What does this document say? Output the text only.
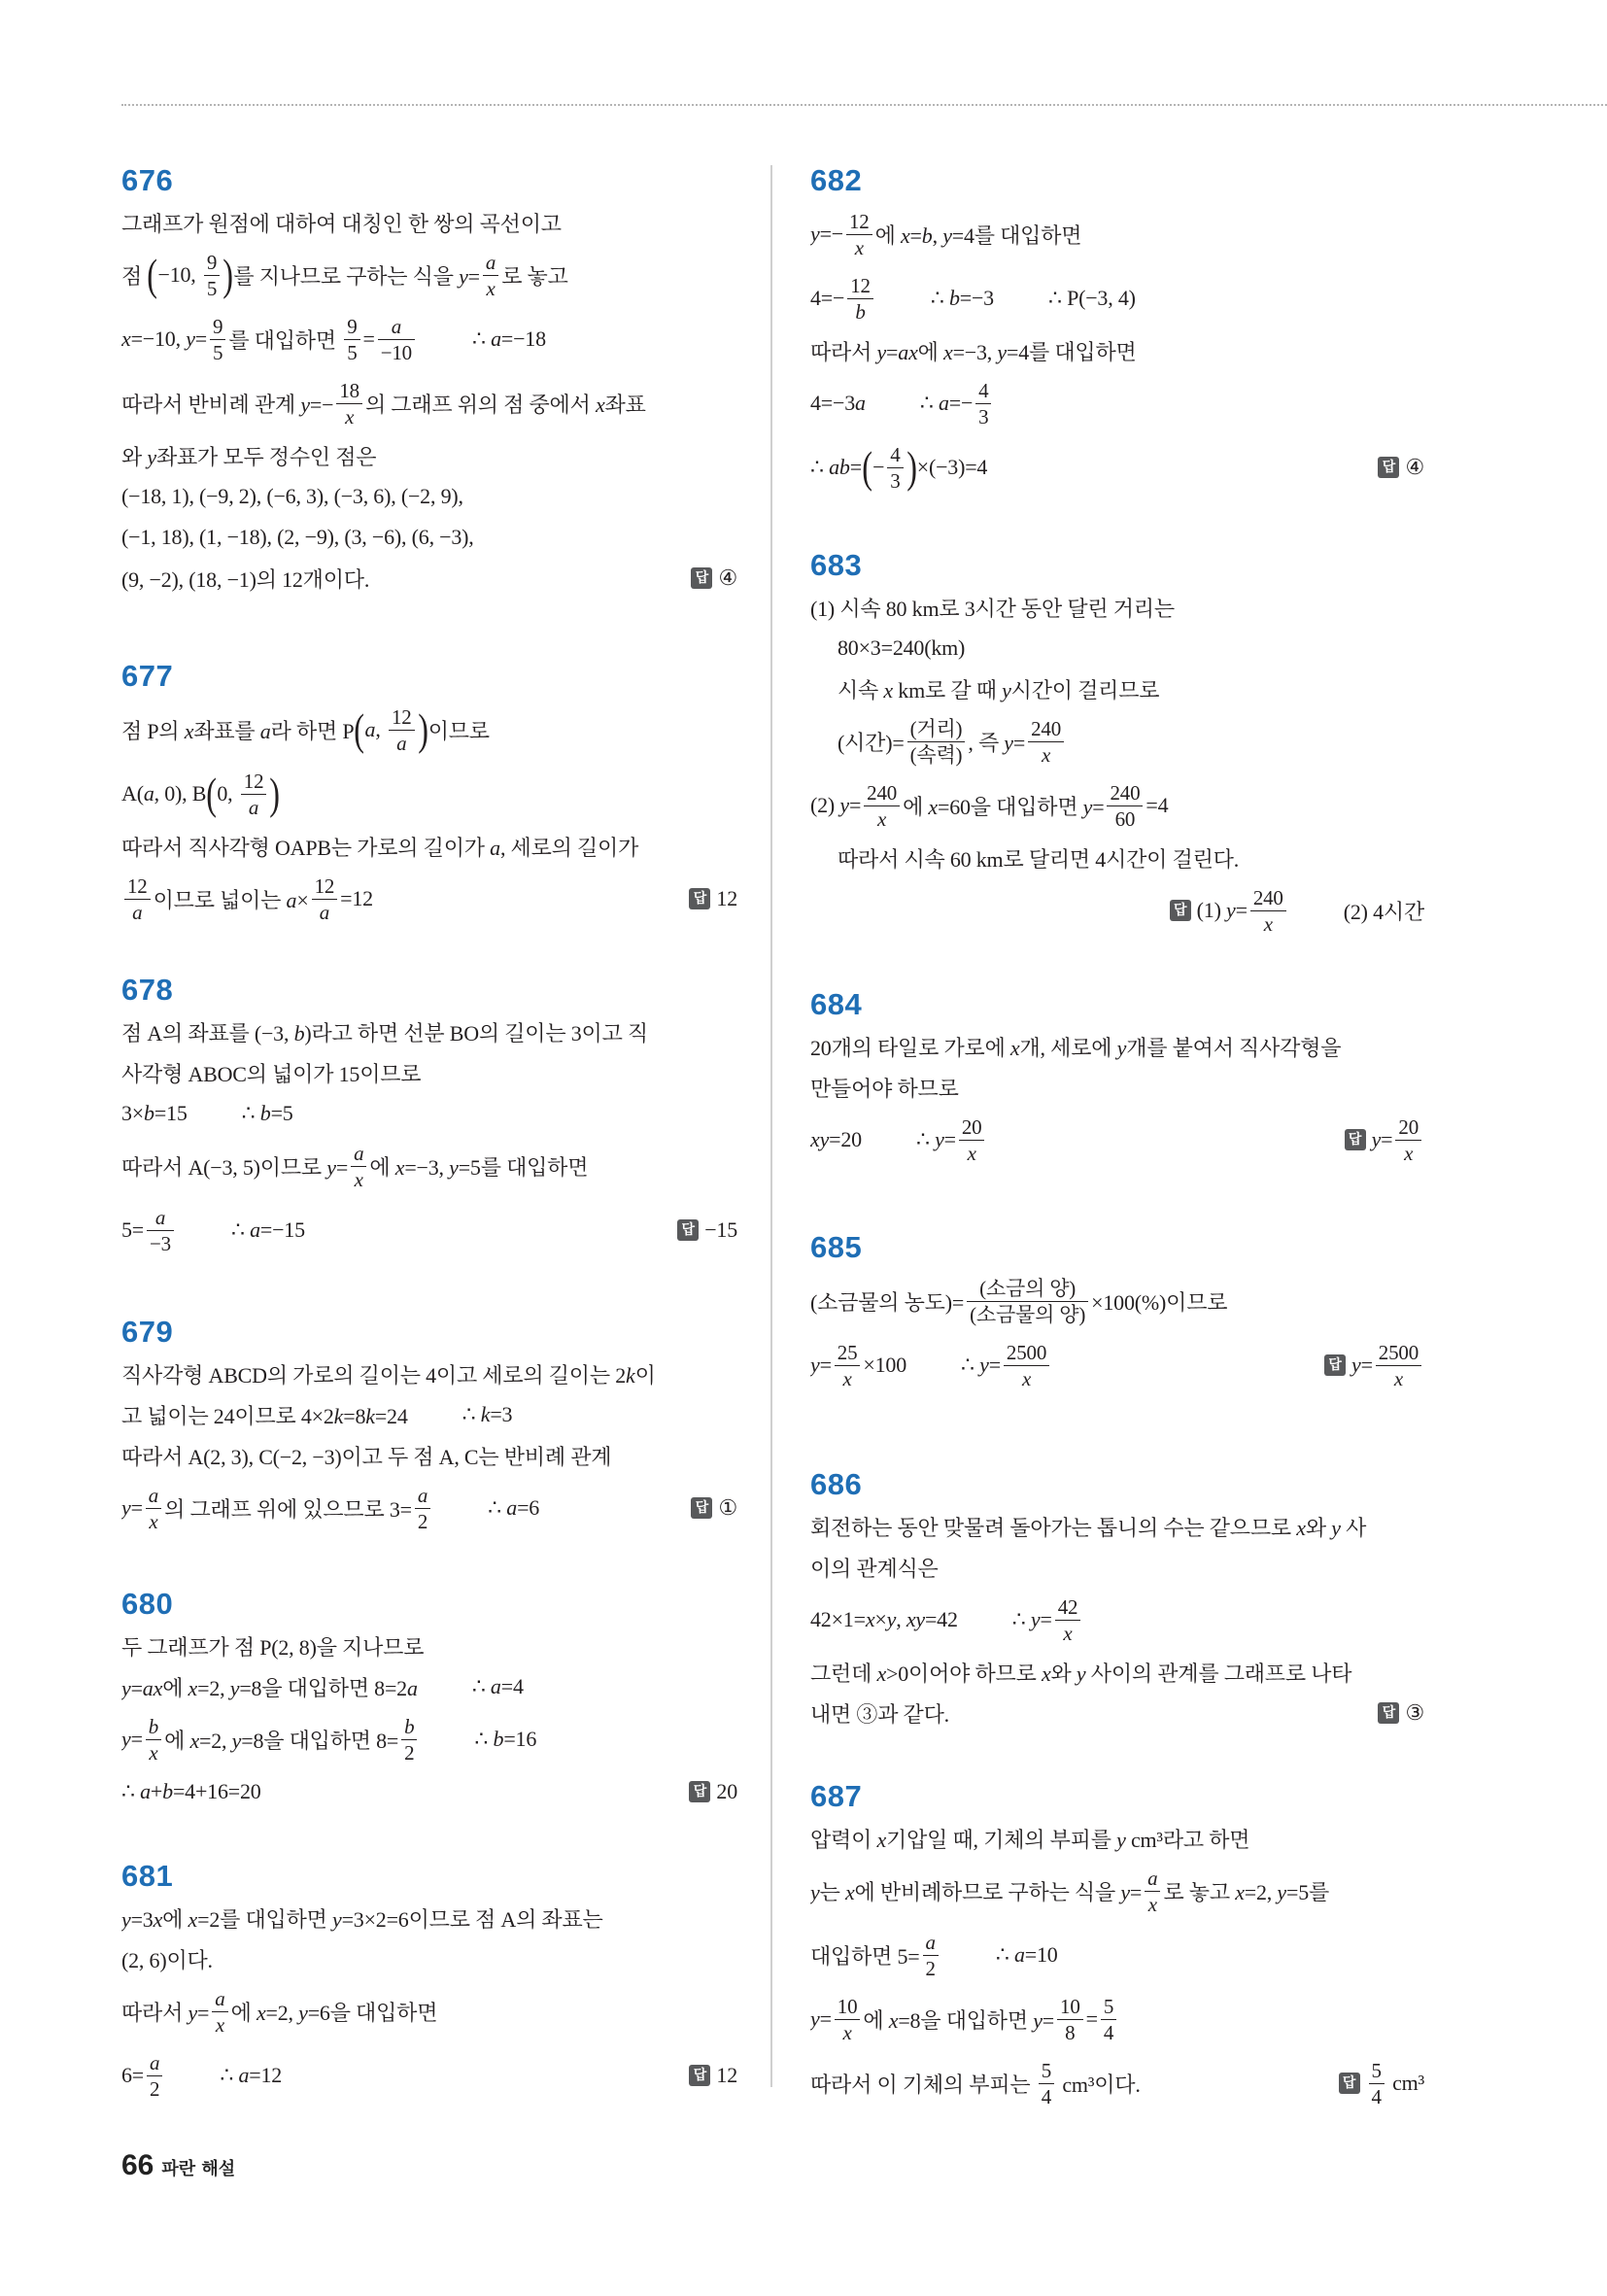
676
그래프가 원점에 대하여 대칭인 한 쌍의 곡선이고
점 ( −10, $\frac{9}{5}$ ) 를 지나므로 구하는 식을 $y= \frac{a}{x}$ 로 놓고
x=−10, $y= \frac{9}{5}$ 를 대입하면 $\frac{9}{5} = \frac{a}{-10}$	∴ a=−18
따라서 반비례 관계 $y=- \frac{18}{x}$ 의 그래프 위의 점 중에서 x좌표
와 y좌표가 모두 정수인 점은
(−18, 1), (−9, 2), (−6, 3), (−3, 6), (−2, 9),
(−1, 18), (1, −18), (2, −9), (3, −6), (6, −3),
(9, −2), (18, −1)의 12개이다.	답 ④
677
점 P의 x좌표를 a라 하면 P ( a, $\frac{12}{a}$ ) 이므로
A(a, 0), B ( 0, $\frac{12}{a}$ )
따라서 직사각형 OAPB는 가로의 길이가 a, 세로의 길이가
$\frac{12}{a}$ 이므로 넓이는 $a\times \frac{12}{a} =12$	답 12
678
점 A의 좌표를 (−3, b)라고 하면 선분 BO의 길이는 3이고 직
사각형 ABOC의 넓이가 15이므로
3×b=15	∴ b=5
따라서 A(−3, 5)이므로 $y= \frac{a}{x}$ 에 x=−3, y=5를 대입하면
$5= \frac{a}{-3}$	∴ a=−15	답 −15
679
직사각형 ABCD의 가로의 길이는 4이고 세로의 길이는 2k이
고 넓이는 24이므로 4×2k=8k=24	∴ k=3
따라서 A(2, 3), C(−2, −3)이고 두 점 A, C는 반비례 관계
$y= \frac{a}{x}$ 의 그래프 위에 있으므로 $3= \frac{a}{2}$	∴ a=6	답 ①
680
두 그래프가 점 P(2, 8)을 지나므로
y=ax에 x=2, y=8을 대입하면 8=2a	∴ a=4
$y= \frac{b}{x}$ 에 x=2, y=8을 대입하면 $8= \frac{b}{2}$	∴ b=16
∴ a+b=4+16=20	답 20
681
y=3x에 x=2를 대입하면 y=3×2=6이므로 점 A의 좌표는
(2, 6)이다.
따라서 $y= \frac{a}{x}$ 에 x=2, y=6을 대입하면
$6= \frac{a}{2}$	∴ a=12	답 12
682
$y=- \frac{12}{x}$ 에 x=b, y=4를 대입하면
$4=- \frac{12}{b}$	∴ b=−3	∴ P(−3, 4)
따라서 y=ax에 x=−3, y=4를 대입하면
4=−3a	∴ $a=- \frac{4}{3}$
∴ ab= ( − $\frac{4}{3}$ ) ×(−3)=4	답 ④
683
(1) 시속 80 km로 3시간 동안 달린 거리는
80×3=240(km)
시속 x km로 갈 때 y시간이 걸리므로
(시간)= $\frac{\text{(거리)}}{\text{(속력)}}$ , 즉 $y= \frac{240}{x}$
(2) $y= \frac{240}{x}$ 에 x=60을 대입하면 $y= \frac{240}{60} =4$
따라서 시속 60 km로 달리면 4시간이 걸린다.
답 (1) $y= \frac{240}{x}$	(2) 4시간
684
20개의 타일로 가로에 x개, 세로에 y개를 붙여서 직사각형을
만들어야 하므로
xy=20	∴ $y= \frac{20}{x}$	답 $y= \frac{20}{x}$
685
(소금물의 농도)= $\frac{\text{(소금의 양)}}{\text{(소금물의 양)}} \times 100(\%)$이므로
$y= \frac{25}{x} \times 100$	∴ $y= \frac{2500}{x}$	답 $y= \frac{2500}{x}$
686
회전하는 동안 맞물려 돌아가는 톱니의 수는 같으므로 x와 y 사
이의 관계식은
42×1=x×y, xy=42	∴ $y= \frac{42}{x}$
그런데 x>0이어야 하므로 x와 y 사이의 관계를 그래프로 나타
내면 ③과 같다.	답 ③
687
압력이 x기압일 때, 기체의 부피를 y cm³라고 하면
y는 x에 반비례하므로 구하는 식을 $y= \frac{a}{x}$ 로 놓고 x=2, y=5를
대입하면 $5= \frac{a}{2}$	∴ a=10
$y= \frac{10}{x}$ 에 x=8을 대입하면 $y= \frac{10}{8} = \frac{5}{4}$
따라서 이 기체의 부피는 $\frac{5}{4} cm^3$이다.	답 $\frac{5}{4} cm^3$
66 파란 해설
